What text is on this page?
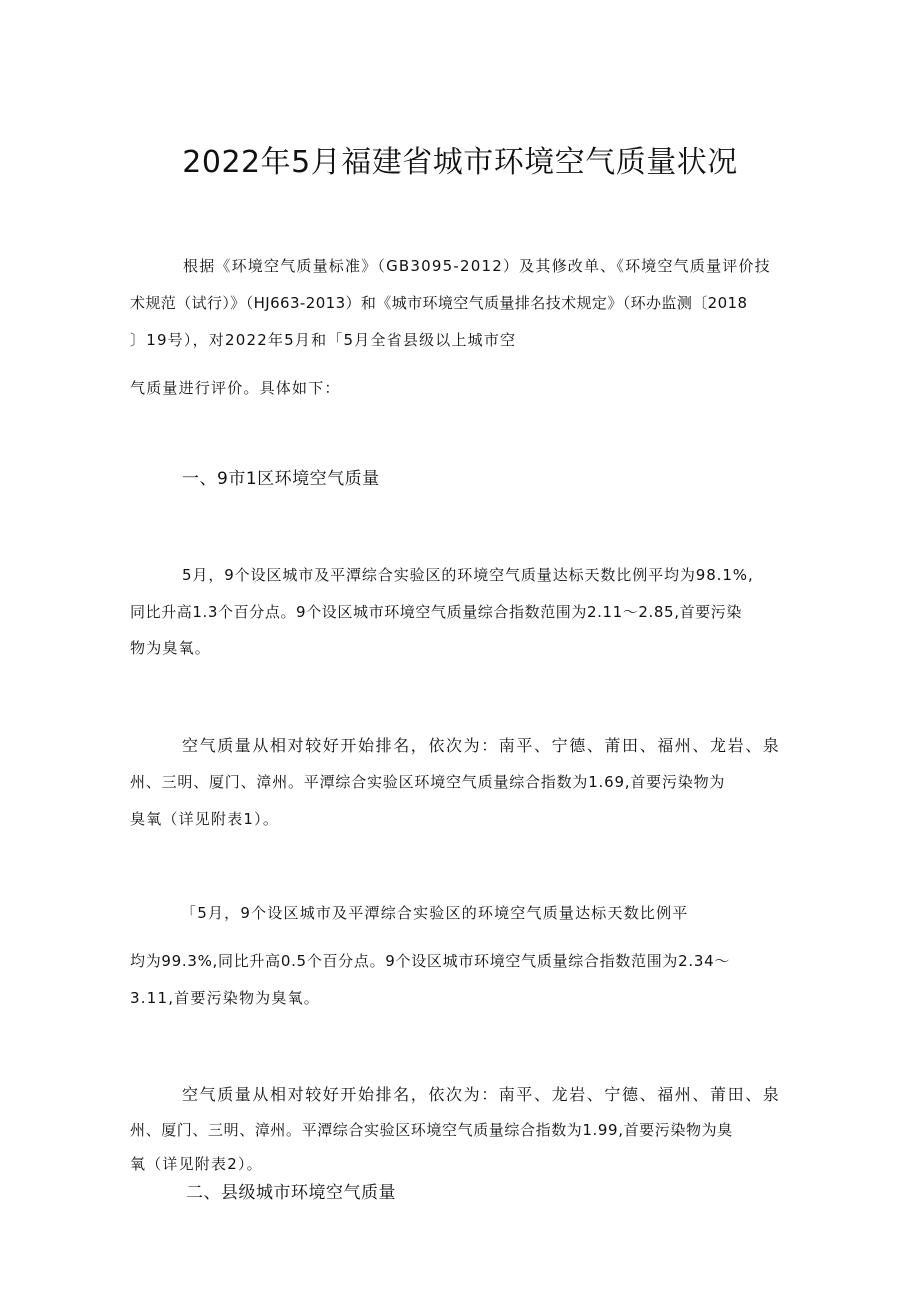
2022年5月福建省城市环境空气质量状况
根据《环境空气质量标准》（GB3095-2012）及其修改单、《环境空气质量评价技
术规范（试行）》（HJ663-2013）和《城市环境空气质量排名技术规定》（环办监测〔2018
〕19号），对2022年5月和「5月全省县级以上城市空
气质量进行评价。具体如下：
一、9市1区环境空气质量
5月，9个设区城市及平潭综合实验区的环境空气质量达标天数比例平均为98.1%,
同比升高1.3个百分点。9个设区城市环境空气质量综合指数范围为2.11～2.85,首要污染
物为臭氧。
空气质量从相对较好开始排名，依次为：南平、宁德、莆田、福州、龙岩、泉
州、三明、厦门、漳州。平潭综合实验区环境空气质量综合指数为1.69,首要污染物为
臭氧（详见附表1）。
「5月，9个设区城市及平潭综合实验区的环境空气质量达标天数比例平
均为99.3%,同比升高0.5个百分点。9个设区城市环境空气质量综合指数范围为2.34～
3.11,首要污染物为臭氧。
空气质量从相对较好开始排名，依次为：南平、龙岩、宁德、福州、莆田、泉
州、厦门、三明、漳州。平潭综合实验区环境空气质量综合指数为1.99,首要污染物为臭
氧（详见附表2）。
二、县级城市环境空气质量
